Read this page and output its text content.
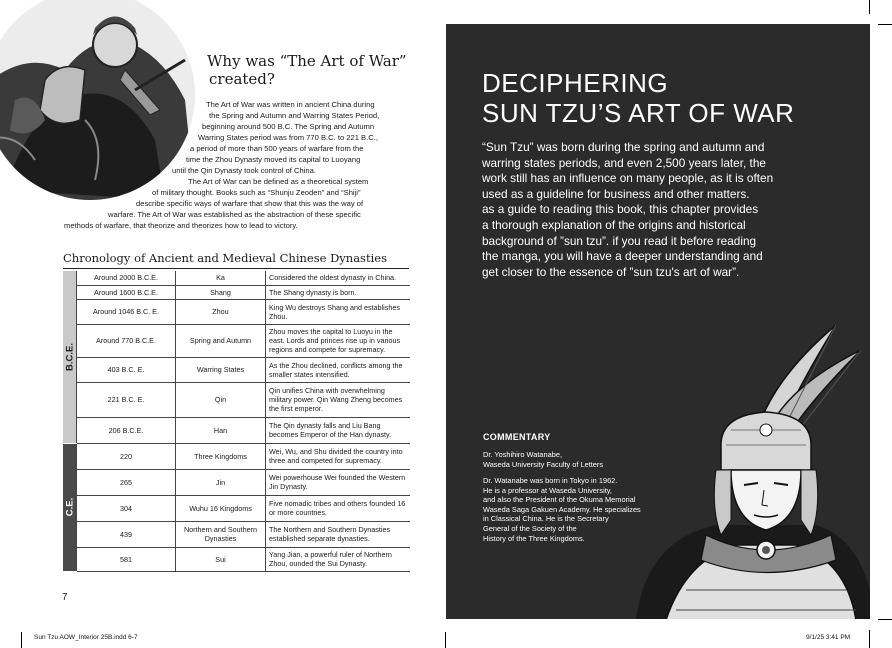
Why was “The Art of War”
created?
The Art of War was written in ancient China during
the Spring and Autumn and Warring States Period,
beginning around 500 B.C. The Spring and Autumn
Warring States period was from 770 B.C. to 221 B.C.,
a period of more than 500 years of warfare from the
time the Zhou Dynasty moved its capital to Luoyang
until the Qin Dynasty took control of China.
The Art of War can be defined as a theoretical system
of military thought. Books such as “Shunju Zeoden” and “Shiji”
describe specific ways of warfare that show that this was the way of
warfare. The Art of War was established as the abstraction of these specific
methods of warfare, that theorize and theorizes how to lead to victory.
Chronology of Ancient and Medieval Chinese Dynasties
B.C.E.	Around 2000 B.C.E.	Ka	Considered the oldest dynasty in China.
	Around 1600 B.C.E.	Shang	The Shang dynasty is born.
	Around 1046 B.C. E.	Zhou	King Wu destroys Shang and establishes Zhou.
	Around 770 B.C.E.	Spring and Autumn	Zhou moves the capital to Luoyu in the east. Lords and princes rise up in various regions and compete for supremacy.
	403 B.C. E.	Warring States	As the Zhou declined, conflicts among the smaller states intensified.
	221 B.C. E.	Qin	Qin unifies China with overwhelming military power. Qin Wang Zheng becomes the first emperor.
	206 B.C.E.	Han	The Qin dynasty falls and Liu Bang becomes Emperor of the Han dynasty.

C.E.	220	Three Kingdoms	Wei, Wu, and Shu divided the country into three and competed for supremacy.
	265	Jin	Wei powerhouse Wei founded the Western Jin Dynasty.
	304	Wuhu 16 Kingdoms	Five nomadic tribes and others founded 16 or more countries.
	439	Northern and Southern Dynasties	The Northern and Southern Dynasties established separate dynasties.
	581	Sui	Yang Jian, a powerful ruler of Northern Zhou, ounded the Sui Dynasty.
7
DECIPHERING
SUN TZU’S ART OF WAR
“Sun Tzu” was born during the spring and autumn and
warring states periods, and even 2,500 years later, the
work still has an influence on many people, as it is often
used as a guideline for business and other matters.
as a guide to reading this book, this chapter provides
a thorough explanation of the origins and historical
background of ”sun tzu”. if you read it before reading
the manga, you will have a deeper understanding and
get closer to the essence of ”sun tzu's art of war”.
COMMENTARY
Dr. Yoshihiro Watanabe,
Waseda University Faculty of Letters
Dr. Watanabe was born in Tokyo in 1962.
He is a professor at Waseda University,
and also the President of the Okuma Memorial
Waseda Saga Gakuen Academy. He specializes
in Classical China. He is the Secretary
General of the Society of the
History of the Three Kingdoms.
Sun Tzu AOW_Interior 25B.indd 6-7	9/1/25 3:41 PM
